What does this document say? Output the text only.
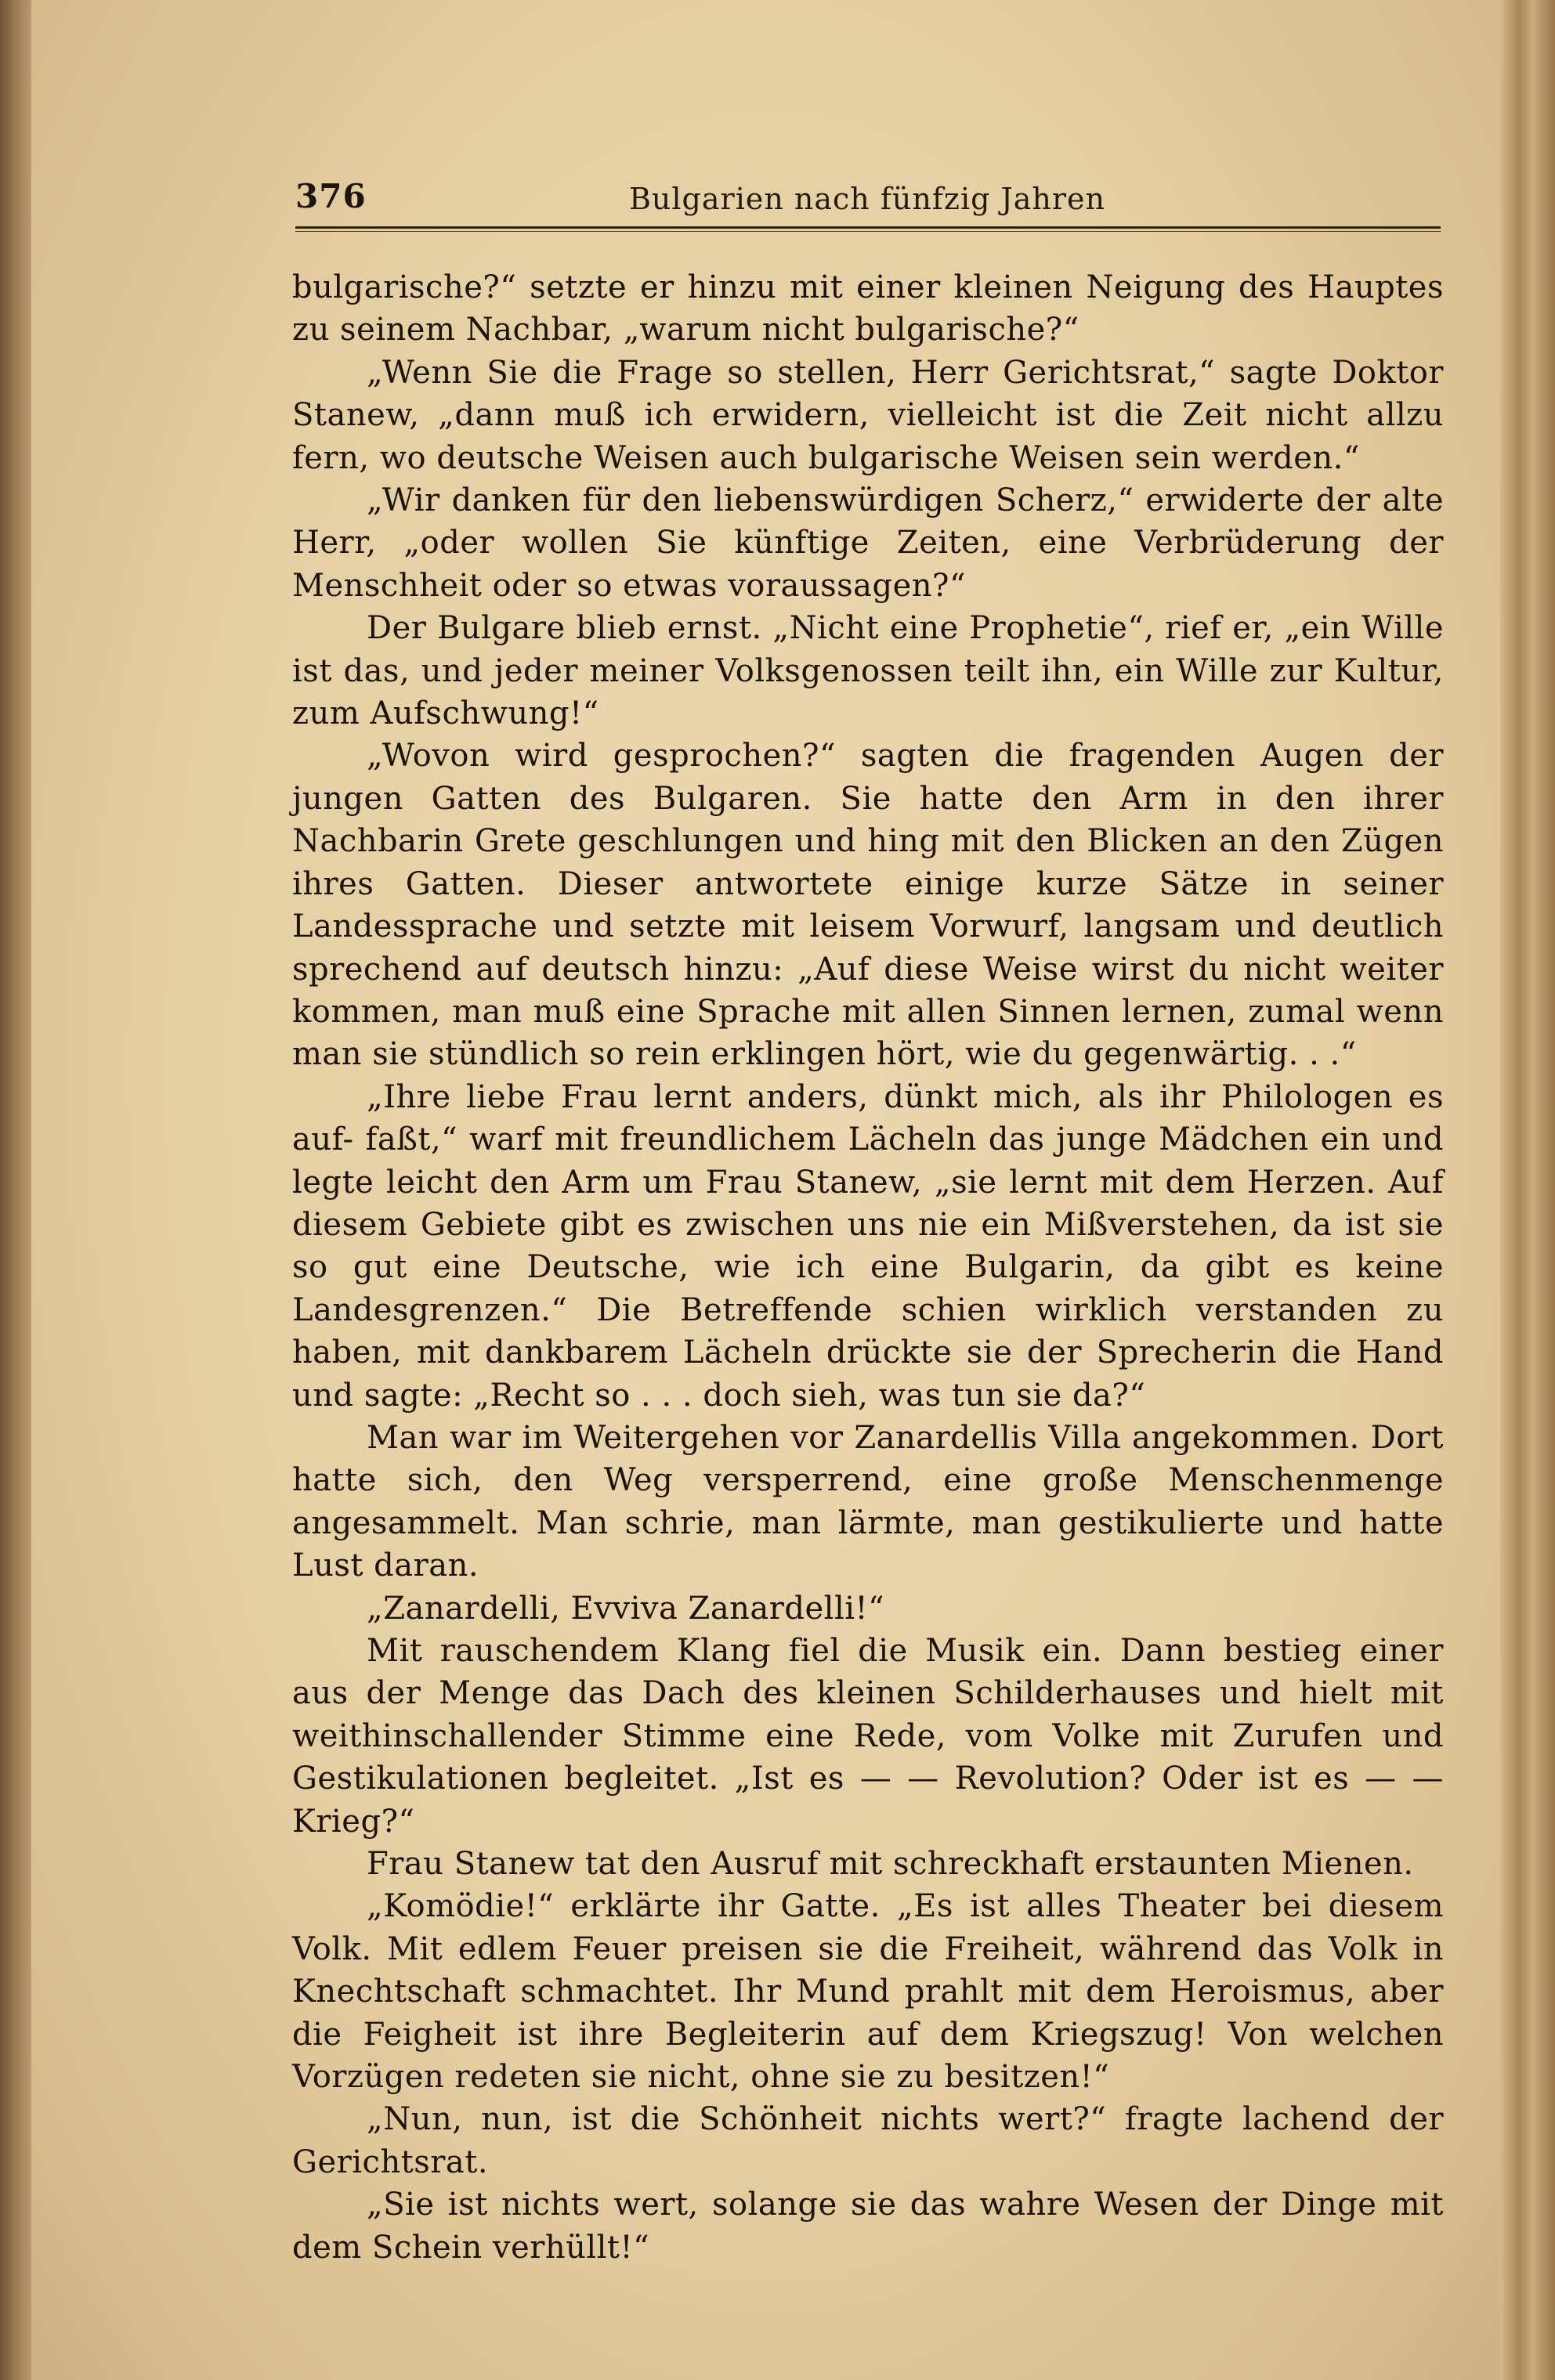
376	Bulgarien nach fünfzig Jahren

bulgarische?“ setzte er hinzu mit einer kleinen Neigung des Hauptes zu seinem Nachbar, „warum nicht bulgarische?“

„Wenn Sie die Frage so stellen, Herr Gerichtsrat,“ sagte Doktor Stanew, „dann muß ich erwidern, vielleicht ist die Zeit nicht allzu fern, wo deutsche Weisen auch bulgarische Weisen sein werden.“

„Wir danken für den liebenswürdigen Scherz,“ erwiderte der alte Herr, „oder wollen Sie künftige Zeiten, eine Verbrüderung der Menschheit oder so etwas voraussagen?“

Der Bulgare blieb ernst. „Nicht eine Prophetie“, rief er, „ein Wille ist das, und jeder meiner Volksgenossen teilt ihn, ein Wille zur Kultur, zum Aufschwung!“

„Wovon wird gesprochen?“ sagten die fragenden Augen der jungen Gatten des Bulgaren. Sie hatte den Arm in den ihrer Nachbarin Grete geschlungen und hing mit den Blicken an den Zügen ihres Gatten. Dieser antwortete einige kurze Sätze in seiner Landessprache und setzte mit leisem Vorwurf, langsam und deutlich sprechend auf deutsch hinzu: „Auf diese Weise wirst du nicht weiter kommen, man muß eine Sprache mit allen Sinnen lernen, zumal wenn man sie stündlich so rein erklingen hört, wie du gegenwärtig. . .“

„Ihre liebe Frau lernt anders, dünkt mich, als ihr Philologen es auf- faßt,“ warf mit freundlichem Lächeln das junge Mädchen ein und legte leicht den Arm um Frau Stanew, „sie lernt mit dem Herzen. Auf diesem Gebiete gibt es zwischen uns nie ein Mißverstehen, da ist sie so gut eine Deutsche, wie ich eine Bulgarin, da gibt es keine Landesgrenzen.“ Die Betreffende schien wirklich verstanden zu haben, mit dankbarem Lächeln drückte sie der Sprecherin die Hand und sagte: „Recht so . . . doch sieh, was tun sie da?“

Man war im Weitergehen vor Zanardellis Villa angekommen. Dort hatte sich, den Weg versperrend, eine große Menschenmenge angesammelt. Man schrie, man lärmte, man gestikulierte und hatte Lust daran.

„Zanardelli, Evviva Zanardelli!“

Mit rauschendem Klang fiel die Musik ein. Dann bestieg einer aus der Menge das Dach des kleinen Schilderhauses und hielt mit weithinschallender Stimme eine Rede, vom Volke mit Zurufen und Gestikulationen begleitet. „Ist es — — Revolution? Oder ist es — — Krieg?“

Frau Stanew tat den Ausruf mit schreckhaft erstaunten Mienen.

„Komödie!“ erklärte ihr Gatte. „Es ist alles Theater bei diesem Volk. Mit edlem Feuer preisen sie die Freiheit, während das Volk in Knechtschaft schmachtet. Ihr Mund prahlt mit dem Heroismus, aber die Feigheit ist ihre Begleiterin auf dem Kriegszug! Von welchen Vorzügen redeten sie nicht, ohne sie zu besitzen!“

„Nun, nun, ist die Schönheit nichts wert?“ fragte lachend der Gerichtsrat.

„Sie ist nichts wert, solange sie das wahre Wesen der Dinge mit dem Schein verhüllt!“
